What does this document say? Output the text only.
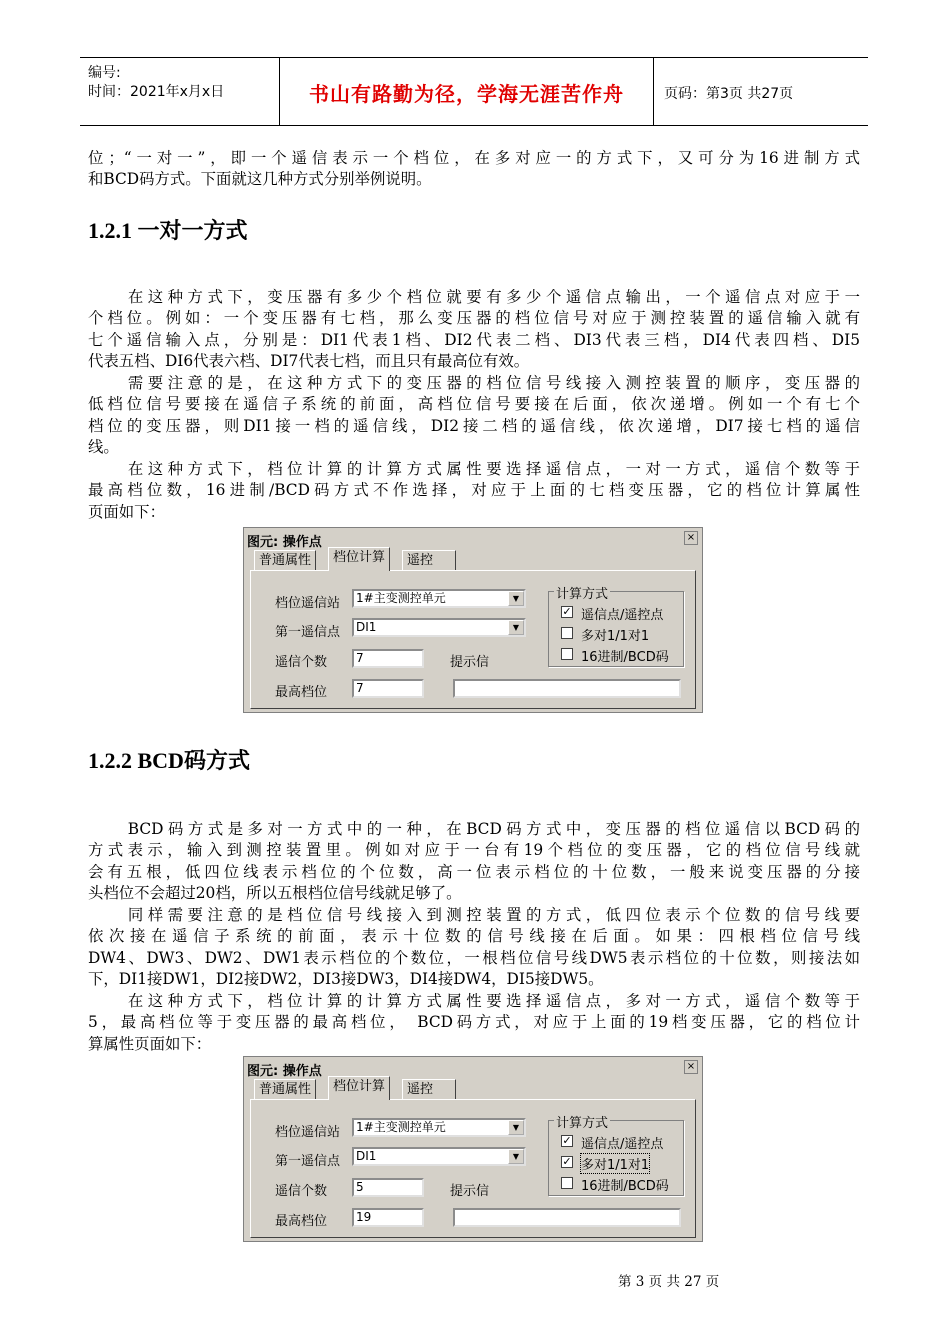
编号:
时间：2021年x月x日	书山有路勤为径，学海无涯苦作舟	页码：第3页 共27页
位；“一对一”，即一个遥信表示一个档位，在多对应一的方式下，又可分为16进制方式
和BCD码方式。下面就这几种方式分别举例说明。
1.2.1 一对一方式
　　在这种方式下，变压器有多少个档位就要有多少个遥信点输出，一个遥信点对应于一
个档位。例如：一个变压器有七档，那么变压器的档位信号对应于测控装置的遥信输入就有
七个遥信输入点，分别是：DI1代表1档、DI2代表二档、DI3代表三档，DI4代表四档、DI5
代表五档、DI6代表六档、DI7代表七档，而且只有最高位有效。
　　需要注意的是，在这种方式下的变压器的档位信号线接入测控装置的顺序，变压器的
低档位信号要接在遥信子系统的前面，高档位信号要接在后面，依次递增。例如一个有七个
档位的变压器，则DI1接一档的遥信线，DI2接二档的遥信线，依次递增，DI7接七档的遥信
线。
　　在这种方式下，档位计算的计算方式属性要选择遥信点，一对一方式，遥信个数等于
最高档位数，16进制/BCD码方式不作选择，对应于上面的七档变压器，它的档位计算属性
页面如下：
图元: 操作点	×
普通属性	档位计算	遥控
档位遥信站	1#主变测控单元	▼
第一遥信点	DI1	▼
遥信个数	7	提示信
最高档位	7
计算方式
✓ 遥信点/遥控点
多对1/1对1
16进制/BCD码
1.2.2 BCD码方式
　　BCD码方式是多对一方式中的一种，在BCD码方式中，变压器的档位遥信以BCD码的
方式表示，输入到测控装置里。例如对应于一台有19个档位的变压器，它的档位信号线就
会有五根，低四位线表示档位的个位数，高一位表示档位的十位数，一般来说变压器的分接
头档位不会超过20档，所以五根档位信号线就足够了。
　　同样需要注意的是档位信号线接入到测控装置的方式，低四位表示个位数的信号线要
依次接在遥信子系统的前面，表示十位数的信号线接在后面。如果：四根档位信号线
DW4、DW3、DW2、DW1表示档位的个数位，一根档位信号线DW5表示档位的十位数，则接法如
下，DI1接DW1，DI2接DW2，DI3接DW3，DI4接DW4，DI5接DW5。
　　在这种方式下，档位计算的计算方式属性要选择遥信点，多对一方式，遥信个数等于
5，最高档位等于变压器的最高档位， BCD码方式，对应于上面的19档变压器，它的档位计
算属性页面如下：
图元: 操作点	×
普通属性	档位计算	遥控
档位遥信站	1#主变测控单元	▼
第一遥信点	DI1	▼
遥信个数	5	提示信
最高档位	19
计算方式
✓ 遥信点/遥控点
✓ 多对1/1对1
16进制/BCD码
第 3 页 共 27 页
